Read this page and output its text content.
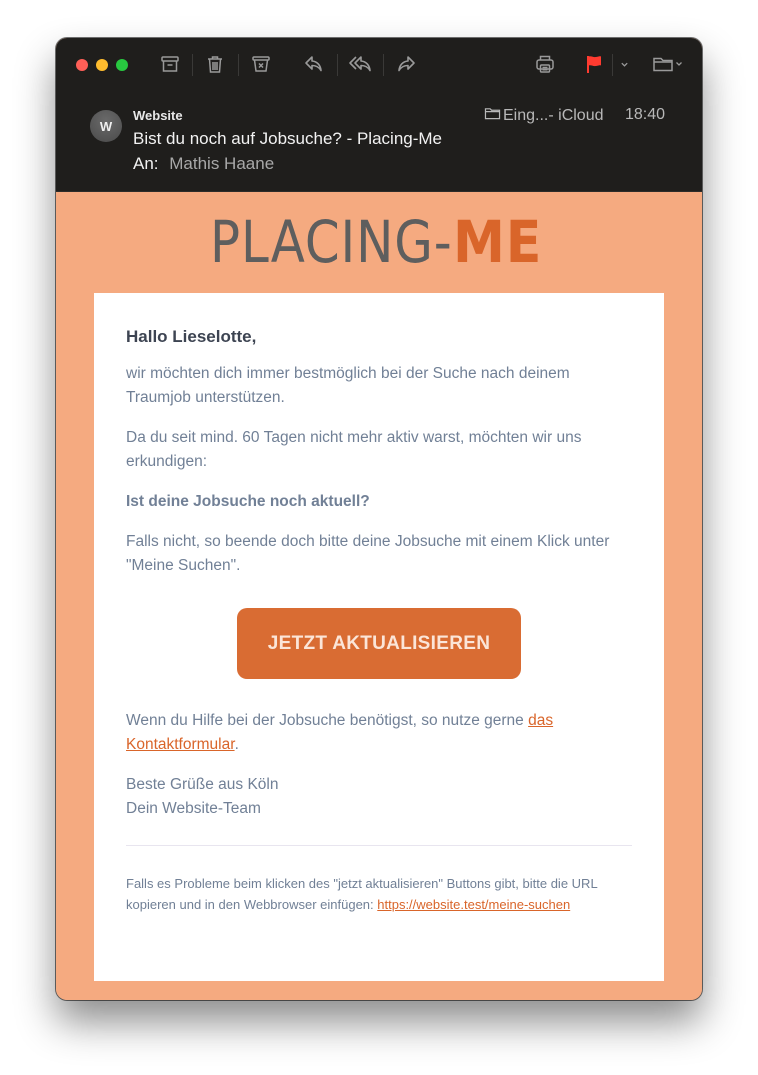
W
Website
Bist du noch auf Jobsuche? - Placing-Me
An: Mathis Haane
Eing...- iCloud 18:40
PLACING- ME
Hallo Lieselotte,
wir möchten dich immer bestmöglich bei der Suche nach deinem Traumjob unterstützen.
Da du seit mind. 60 Tagen nicht mehr aktiv warst, möchten wir uns erkundigen:
Ist deine Jobsuche noch aktuell?
Falls nicht, so beende doch bitte deine Jobsuche mit einem Klick unter "Meine Suchen".
Wenn du Hilfe bei der Jobsuche benötigst, so nutze gerne das Kontaktformular.
Beste Grüße aus Köln
Dein Website-Team
Falls es Probleme beim klicken des "jetzt aktualisieren" Buttons gibt, bitte die URL kopieren und in den Webbrowser einfügen: https://website.test/meine-suchen
JETZT AKTUALISIEREN
